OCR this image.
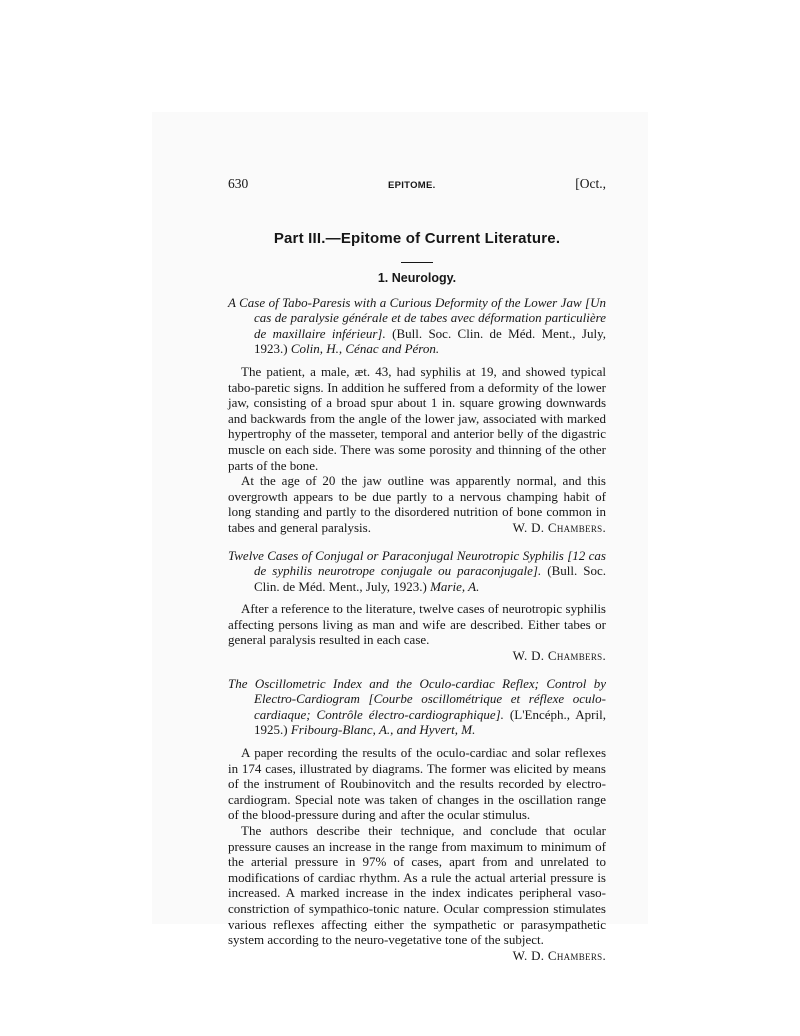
630	EPITOME.	[Oct.,
Part III.—Epitome of Current Literature.
1. Neurology.

A Case of Tabo-Paresis with a Curious Deformity of the Lower Jaw [Un cas de paralysie générale et de tabes avec déformation particulière de maxillaire inférieur]. (Bull. Soc. Clin. de Méd. Ment., July, 1923.) Colin, H., Cénac and Péron.

The patient, a male, æt. 43, had syphilis at 19, and showed typical tabo-paretic signs. In addition he suffered from a deformity of the lower jaw, consisting of a broad spur about 1 in. square growing downwards and backwards from the angle of the lower jaw, associated with marked hypertrophy of the masseter, temporal and anterior belly of the digastric muscle on each side. There was some porosity and thinning of the other parts of the bone.

At the age of 20 the jaw outline was apparently normal, and this overgrowth appears to be due partly to a nervous champing habit of long standing and partly to the disordered nutrition of bone common in tabes and general paralysis.	W. D. Chambers.

Twelve Cases of Conjugal or Paraconjugal Neurotropic Syphilis [12 cas de syphilis neurotrope conjugale ou paraconjugale]. (Bull. Soc. Clin. de Méd. Ment., July, 1923.) Marie, A.

After a reference to the literature, twelve cases of neurotropic syphilis affecting persons living as man and wife are described. Either tabes or general paralysis resulted in each case.

W. D. Chambers.

The Oscillometric Index and the Oculo-cardiac Reflex; Control by Electro-Cardiogram [Courbe oscillométrique et réflexe oculo-cardiaque; Contrôle électro-cardiographique]. (L'Encéph., April, 1925.) Fribourg-Blanc, A., and Hyvert, M.

A paper recording the results of the oculo-cardiac and solar reflexes in 174 cases, illustrated by diagrams. The former was elicited by means of the instrument of Roubinovitch and the results recorded by electro-cardiogram. Special note was taken of changes in the oscillation range of the blood-pressure during and after the ocular stimulus.

The authors describe their technique, and conclude that ocular pressure causes an increase in the range from maximum to minimum of the arterial pressure in 97% of cases, apart from and unrelated to modifications of cardiac rhythm. As a rule the actual arterial pressure is increased. A marked increase in the index indicates peripheral vaso-constriction of sympathico-tonic nature. Ocular compression stimulates various reflexes affecting either the sympathetic or parasympathetic system according to the neuro-vegetative tone of the subject.
W. D. Chambers.
